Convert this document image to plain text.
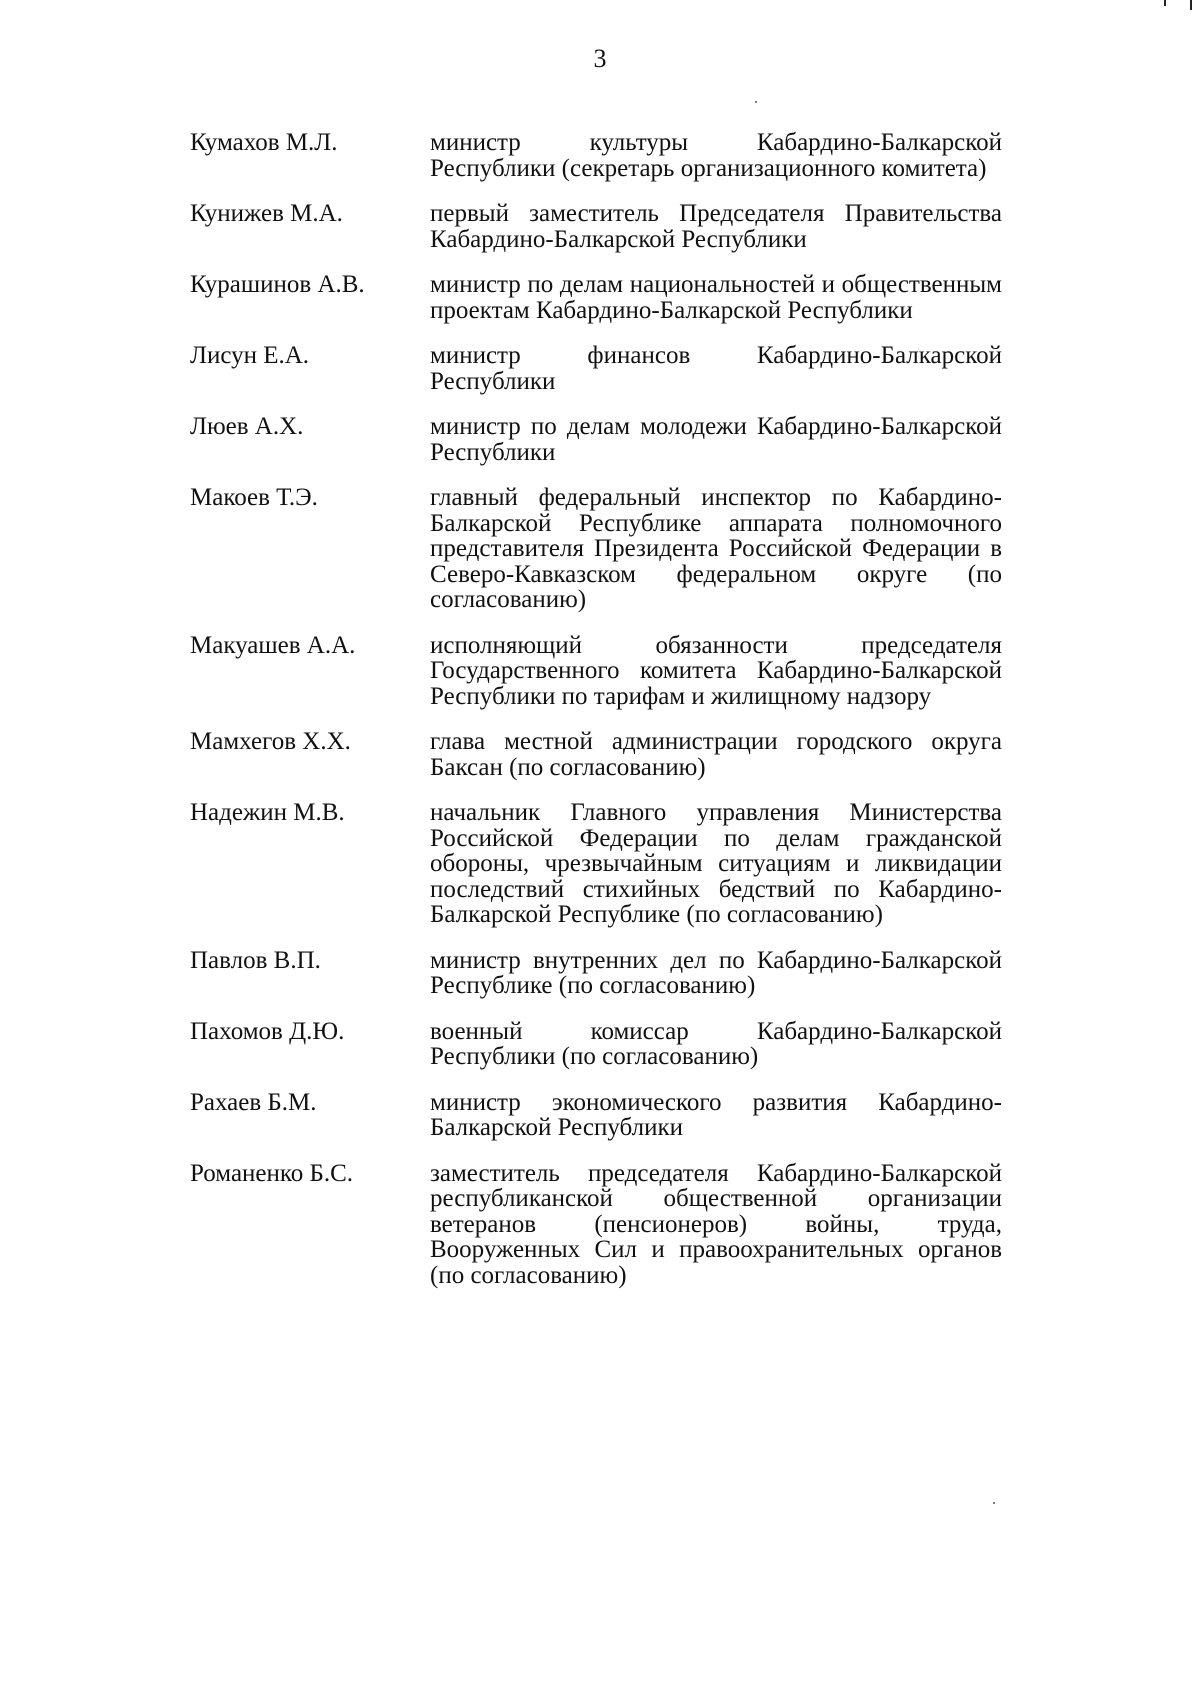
3
Кумахов М.Л.	министр культуры Кабардино-Балкарской Республики (секретарь организационного комитета)
Кунижев М.А.	первый заместитель Председателя Правительства Кабардино-Балкарской Республики
Курашинов А.В.	министр по делам национальностей и общественным проектам Кабардино-Балкарской Республики
Лисун Е.А.	министр финансов Кабардино-Балкарской Республики
Люев А.Х.	министр по делам молодежи Кабардино-Балкарской Республики
Макоев Т.Э.	главный федеральный инспектор по Кабардино-Балкарской Республике аппарата полномочного представителя Президента Российской Федерации в Северо-Кавказском федеральном округе (по согласованию)
Макуашев А.А.	исполняющий обязанности председателя Государственного комитета Кабардино-Балкарской Республики по тарифам и жилищному надзору
Мамхегов Х.Х.	глава местной администрации городского округа Баксан (по согласованию)
Надежин М.В.	начальник Главного управления Министерства Российской Федерации по делам гражданской обороны, чрезвычайным ситуациям и ликвидации последствий стихийных бедствий по Кабардино-Балкарской Республике (по согласованию)
Павлов В.П.	министр внутренних дел по Кабардино-Балкарской Республике (по согласованию)
Пахомов Д.Ю.	военный комиссар Кабардино-Балкарской Республики (по согласованию)
Рахаев Б.М.	министр экономического развития Кабардино-Балкарской Республики
Романенко Б.С.	заместитель председателя Кабардино-Балкарской республиканской общественной организации ветеранов (пенсионеров) войны, труда, Вооруженных Сил и правоохранительных органов (по согласованию)
